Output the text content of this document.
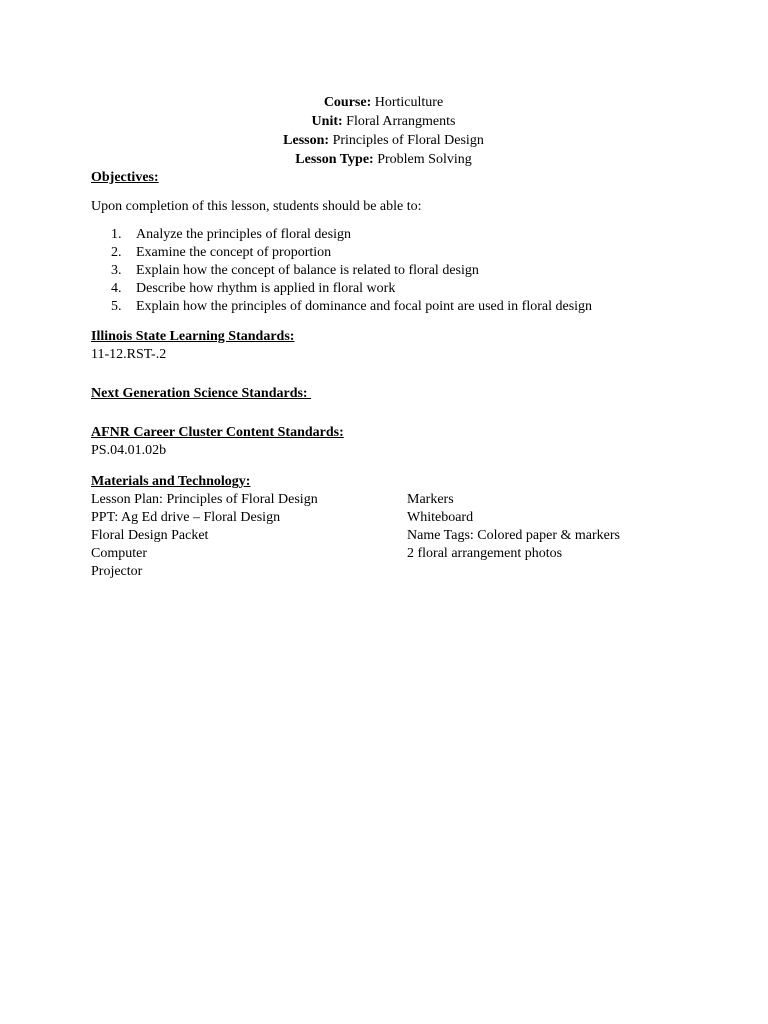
Course: Horticulture
Unit: Floral Arrangments
Lesson: Principles of Floral Design
Lesson Type: Problem Solving
Objectives:
Upon completion of this lesson, students should be able to:
1. Analyze the principles of floral design
2. Examine the concept of proportion
3. Explain how the concept of balance is related to floral design
4. Describe how rhythm is applied in floral work
5. Explain how the principles of dominance and focal point are used in floral design
Illinois State Learning Standards:
11-12.RST-.2
Next Generation Science Standards:
AFNR Career Cluster Content Standards:
PS.04.01.02b
Materials and Technology:
Lesson Plan: Principles of Floral Design
PPT: Ag Ed drive – Floral Design
Floral Design Packet
Computer
Projector
Markers
Whiteboard
Name Tags: Colored paper & markers
2 floral arrangement photos
